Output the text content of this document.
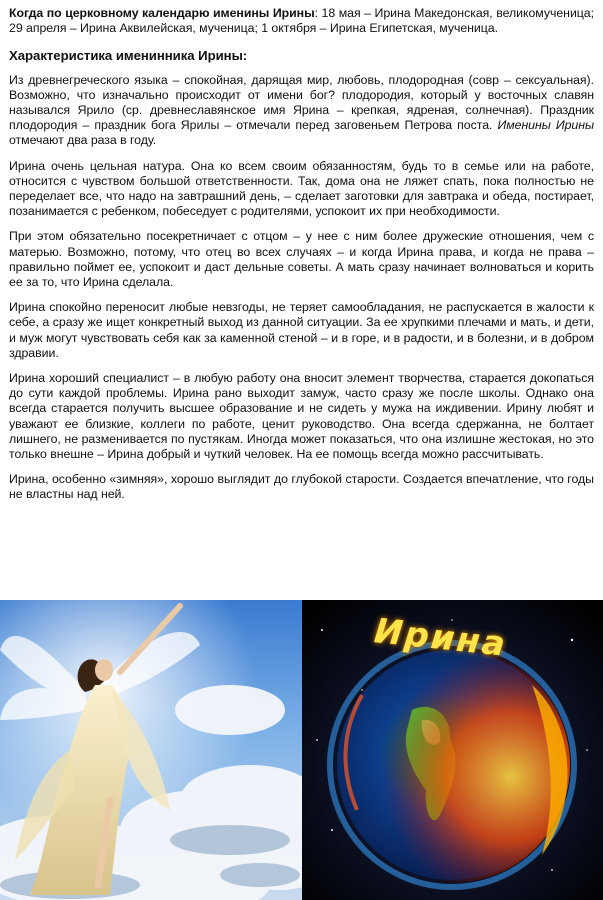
Когда по церковному календарю именины Ирины: 18 мая – Ирина Македонская, великомученица; 29 апреля – Ирина Аквилейская, мученица; 1 октября – Ирина Египетская, мученица.

Характеристика именинника Ирины:

Из древнегреческого языка – спокойная, дарящая мир, любовь, плодородная (совр – сексуальная). Возможно, что изначально происходит от имени бог? плодородия, который у восточных славян назывался Ярило (ср. древнеславянское имя Ярина – крепкая, ядреная, солнечная). Праздник плодородия – праздник бога Ярилы – отмечали перед заговеньем Петрова поста. Именины Ирины отмечают два раза в году.

Ирина очень цельная натура. Она ко всем своим обязанностям, будь то в семье или на работе, относится с чувством большой ответственности. Так, дома она не ляжет спать, пока полностью не переделает все, что надо на завтрашний день, – сделает заготовки для завтрака и обеда, постирает, позанимается с ребенком, побеседует с родителями, успокоит их при необходимости.

При этом обязательно посекретничает с отцом – у нее с ним более дружеские отношения, чем с матерью. Возможно, потому, что отец во всех случаях – и когда Ирина права, и когда не права – правильно поймет ее, успокоит и даст дельные советы. А мать сразу начинает волноваться и корить ее за то, что Ирина сделала.

Ирина спокойно переносит любые невзгоды, не теряет самообладания, не распускается в жалости к себе, а сразу же ищет конкретный выход из данной ситуации. За ее хрупкими плечами и мать, и дети, и муж могут чувствовать себя как за каменной стеной – и в горе, и в радости, и в болезни, и в добром здравии.

Ирина хороший специалист – в любую работу она вносит элемент творчества, старается докопаться до сути каждой проблемы. Ирина рано выходит замуж, часто сразу же после школы. Однако она всегда старается получить высшее образование и не сидеть у мужа на иждивении. Ирину любят и уважают ее близкие, коллеги по работе, ценит руководство. Она всегда сдержанна, не болтает лишнего, не разменивается по пустякам. Иногда может показаться, что она излишне жестокая, но это только внешне – Ирина добрый и чуткий человек. На ее помощь всегда можно рассчитывать.

Ирина, особенно «зимняя», хорошо выглядит до глубокой старости. Создается впечатление, что годы не властны над ней.

Ирина
